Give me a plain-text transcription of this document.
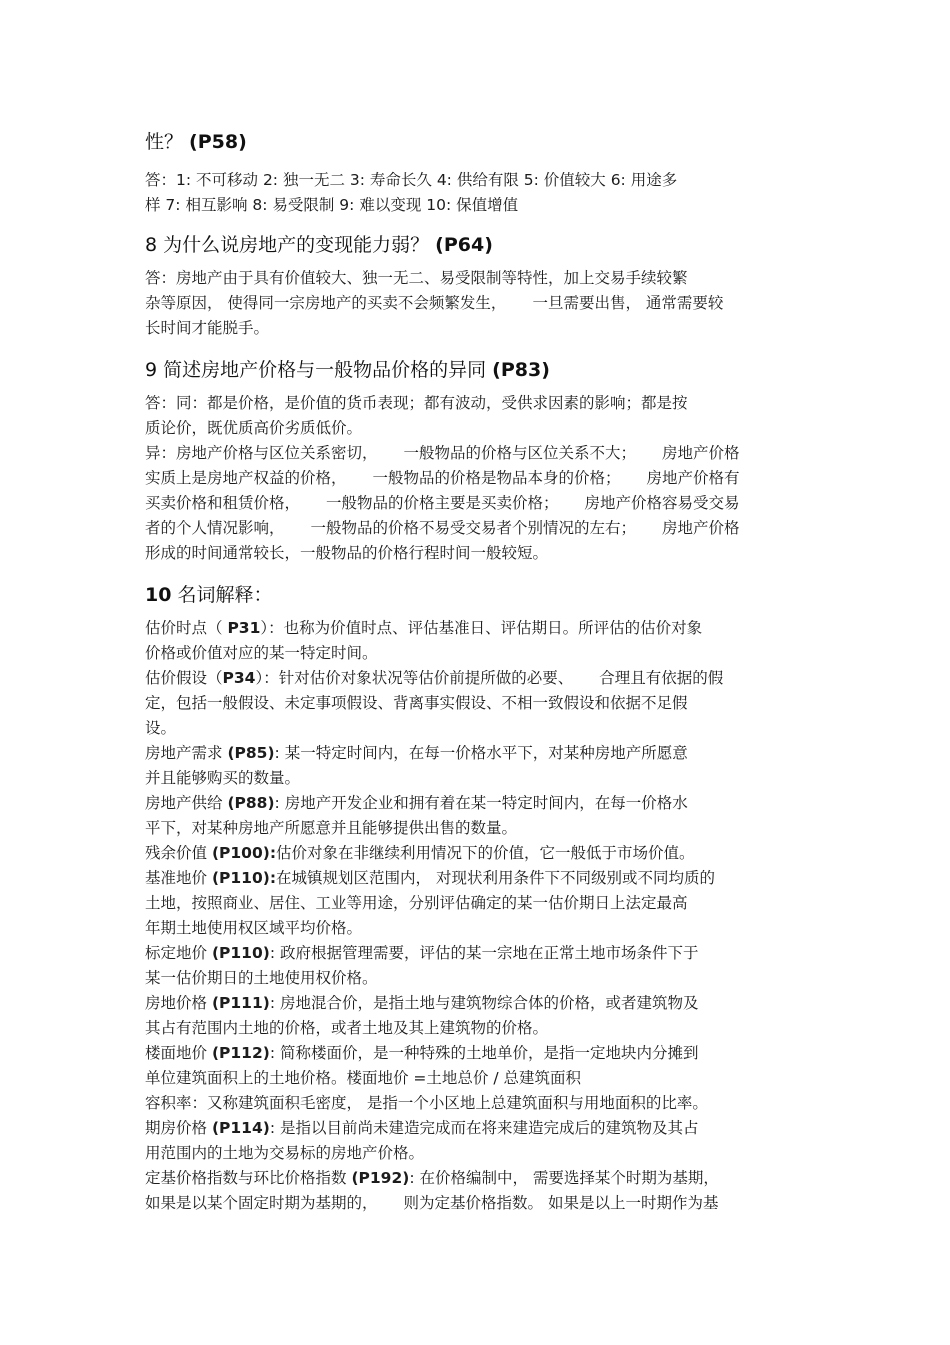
性？ (P58)
答：1: 不可移动 2: 独一无二 3: 寿命长久 4: 供给有限 5: 价值较大 6: 用途多
样 7: 相互影响 8: 易受限制 9: 难以变现 10: 保值增值
8 为什么说房地产的变现能力弱？ (P64)
答：房地产由于具有价值较大、独一无二、易受限制等特性，加上交易手续较繁
杂等原因， 使得同一宗房地产的买卖不会频繁发生， 一旦需要出售， 通常需要较
长时间才能脱手。
9 简述房地产价格与一般物品价格的异同 (P83)
答：同：都是价格，是价值的货币表现；都有波动，受供求因素的影响；都是按
质论价，既优质高价劣质低价。
异：房地产价格与区位关系密切， 一般物品的价格与区位关系不大； 房地产价格
实质上是房地产权益的价格， 一般物品的价格是物品本身的价格； 房地产价格有
买卖价格和租赁价格， 一般物品的价格主要是买卖价格； 房地产价格容易受交易
者的个人情况影响， 一般物品的价格不易受交易者个别情况的左右； 房地产价格
形成的时间通常较长，一般物品的价格行程时间一般较短。
10 名词解释：
估价时点（ P31）：也称为价值时点、评估基准日、评估期日。所评估的估价对象
价格或价值对应的某一特定时间。
估价假设（P34）：针对估价对象状况等估价前提所做的必要、 合理且有依据的假
定，包括一般假设、未定事项假设、背离事实假设、不相一致假设和依据不足假
设。
房地产需求 (P85): 某一特定时间内，在每一价格水平下，对某种房地产所愿意
并且能够购买的数量。
房地产供给 (P88): 房地产开发企业和拥有着在某一特定时间内，在每一价格水
平下，对某种房地产所愿意并且能够提供出售的数量。
残余价值 (P100):估价对象在非继续利用情况下的价值，它一般低于市场价值。
基准地价 (P110):在城镇规划区范围内， 对现状利用条件下不同级别或不同均质的
土地，按照商业、居住、工业等用途，分别评估确定的某一估价期日上法定最高
年期土地使用权区域平均价格。
标定地价 (P110): 政府根据管理需要，评估的某一宗地在正常土地市场条件下于
某一估价期日的土地使用权价格。
房地价格 (P111): 房地混合价，是指土地与建筑物综合体的价格，或者建筑物及
其占有范围内土地的价格，或者土地及其上建筑物的价格。
楼面地价 (P112): 简称楼面价，是一种特殊的土地单价，是指一定地块内分摊到
单位建筑面积上的土地价格。楼面地价 =土地总价 / 总建筑面积
容积率：又称建筑面积毛密度， 是指一个小区地上总建筑面积与用地面积的比率。
期房价格 (P114): 是指以目前尚未建造完成而在将来建造完成后的建筑物及其占
用范围内的土地为交易标的房地产价格。
定基价格指数与环比价格指数 (P192): 在价格编制中， 需要选择某个时期为基期，
如果是以某个固定时期为基期的， 则为定基价格指数。 如果是以上一时期作为基
